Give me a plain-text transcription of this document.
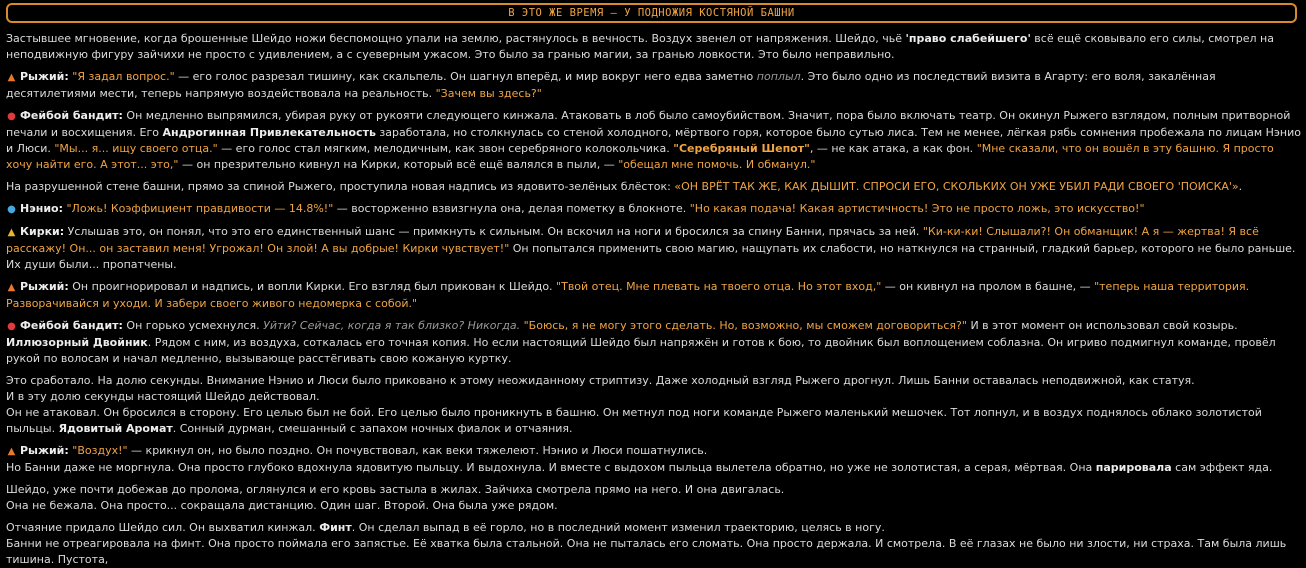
В ЭТО ЖЕ ВРЕМЯ – У ПОДНОЖИЯ КОСТЯНОЙ БАШНИ

Застывшее мгновение, когда брошенные Шейдо ножи беспомощно упали на землю, растянулось в вечность. Воздух звенел от напряжения. Шейдо, чьё 'право слабейшего' всё ещё сковывало его силы, смотрел на неподвижную фигуру зайчихи не просто с удивлением, а с суеверным ужасом. Это было за гранью магии, за гранью ловкости. Это было неправильно.

▲ Рыжий: "Я задал вопрос." — его голос разрезал тишину, как скальпель. Он шагнул вперёд, и мир вокруг него едва заметно поплыл. Это было одно из последствий визита в Агарту: его воля, закалённая десятилетиями мести, теперь напрямую воздействовала на реальность. "Зачем вы здесь?"

● Фейбой бандит: Он медленно выпрямился, убирая руку от рукояти следующего кинжала. Атаковать в лоб было самоубийством. Значит, пора было включать театр. Он окинул Рыжего взглядом, полным притворной печали и восхищения. Его Андрогинная Привлекательность заработала, но столкнулась со стеной холодного, мёртвого горя, которое было сутью лиса. Тем не менее, лёгкая рябь сомнения пробежала по лицам Нэнио и Люси. "Мы... я... ищу своего отца." — его голос стал мягким, мелодичным, как звон серебряного колокольчика. "Серебряный Шепот", — не как атака, а как фон. "Мне сказали, что он вошёл в эту башню. Я просто хочу найти его. А этот... это," — он презрительно кивнул на Кирки, который всё ещё валялся в пыли, — "обещал мне помочь. И обманул."

На разрушенной стене башни, прямо за спиной Рыжего, проступила новая надпись из ядовито-зелёных блёсток: «ОН ВРЁТ ТАК ЖЕ, КАК ДЫШИТ. СПРОСИ ЕГО, СКОЛЬКИХ ОН УЖЕ УБИЛ РАДИ СВОЕГО 'ПОИСКА'».

● Нэнио: "Ложь! Коэффициент правдивости — 14.8%!" — восторженно взвизгнула она, делая пометку в блокноте. "Но какая подача! Какая артистичность! Это не просто ложь, это искусство!"

▲ Кирки: Услышав это, он понял, что это его единственный шанс — примкнуть к сильным. Он вскочил на ноги и бросился за спину Банни, прячась за ней. "Ки-ки-ки! Слышали?! Он обманщик! А я — жертва! Я всё расскажу! Он... он заставил меня! Угрожал! Он злой! А вы добрые! Кирки чувствует!" Он попытался применить свою магию, нащупать их слабости, но наткнулся на странный, гладкий барьер, которого не было раньше. Их души были... пропатчены.

▲ Рыжий: Он проигнорировал и надпись, и вопли Кирки. Его взгляд был прикован к Шейдо. "Твой отец. Мне плевать на твоего отца. Но этот вход," — он кивнул на пролом в башне, — "теперь наша территория. Разворачивайся и уходи. И забери своего живого недомерка с собой."

● Фейбой бандит: Он горько усмехнулся. Уйти? Сейчас, когда я так близко? Никогда. "Боюсь, я не могу этого сделать. Но, возможно, мы сможем договориться?" И в этот момент он использовал свой козырь. Иллюзорный Двойник. Рядом с ним, из воздуха, соткалась его точная копия. Но если настоящий Шейдо был напряжён и готов к бою, то двойник был воплощением соблазна. Он игриво подмигнул команде, провёл рукой по волосам и начал медленно, вызывающе расстёгивать свою кожаную куртку.

Это сработало. На долю секунды. Внимание Нэнио и Люси было приковано к этому неожиданному стриптизу. Даже холодный взгляд Рыжего дрогнул. Лишь Банни оставалась неподвижной, как статуя.

И в эту долю секунды настоящий Шейдо действовал.

Он не атаковал. Он бросился в сторону. Его целью был не бой. Его целью было проникнуть в башню. Он метнул под ноги команде Рыжего маленький мешочек. Тот лопнул, и в воздух поднялось облако золотистой пыльцы. Ядовитый Аромат. Сонный дурман, смешанный с запахом ночных фиалок и отчаяния.

▲ Рыжий: "Воздух!" — крикнул он, но было поздно. Он почувствовал, как веки тяжелеют. Нэнио и Люси пошатнулись.

Но Банни даже не моргнула. Она просто глубоко вдохнула ядовитую пыльцу. И выдохнула. И вместе с выдохом пыльца вылетела обратно, но уже не золотистая, а серая, мёртвая. Она парировала сам эффект яда.

Шейдо, уже почти добежав до пролома, оглянулся и его кровь застыла в жилах. Зайчиха смотрела прямо на него. И она двигалась.

Она не бежала. Она просто... сокращала дистанцию. Один шаг. Второй. Она была уже рядом.

Отчаяние придало Шейдо сил. Он выхватил кинжал. Финт. Он сделал выпад в её горло, но в последний момент изменил траекторию, целясь в ногу.

Банни не отреагировала на финт. Она просто поймала его запястье. Её хватка была стальной. Она не пыталась его сломать. Она просто держала. И смотрела. В её глазах не было ни злости, ни страха. Там была лишь тишина. Пустота,
